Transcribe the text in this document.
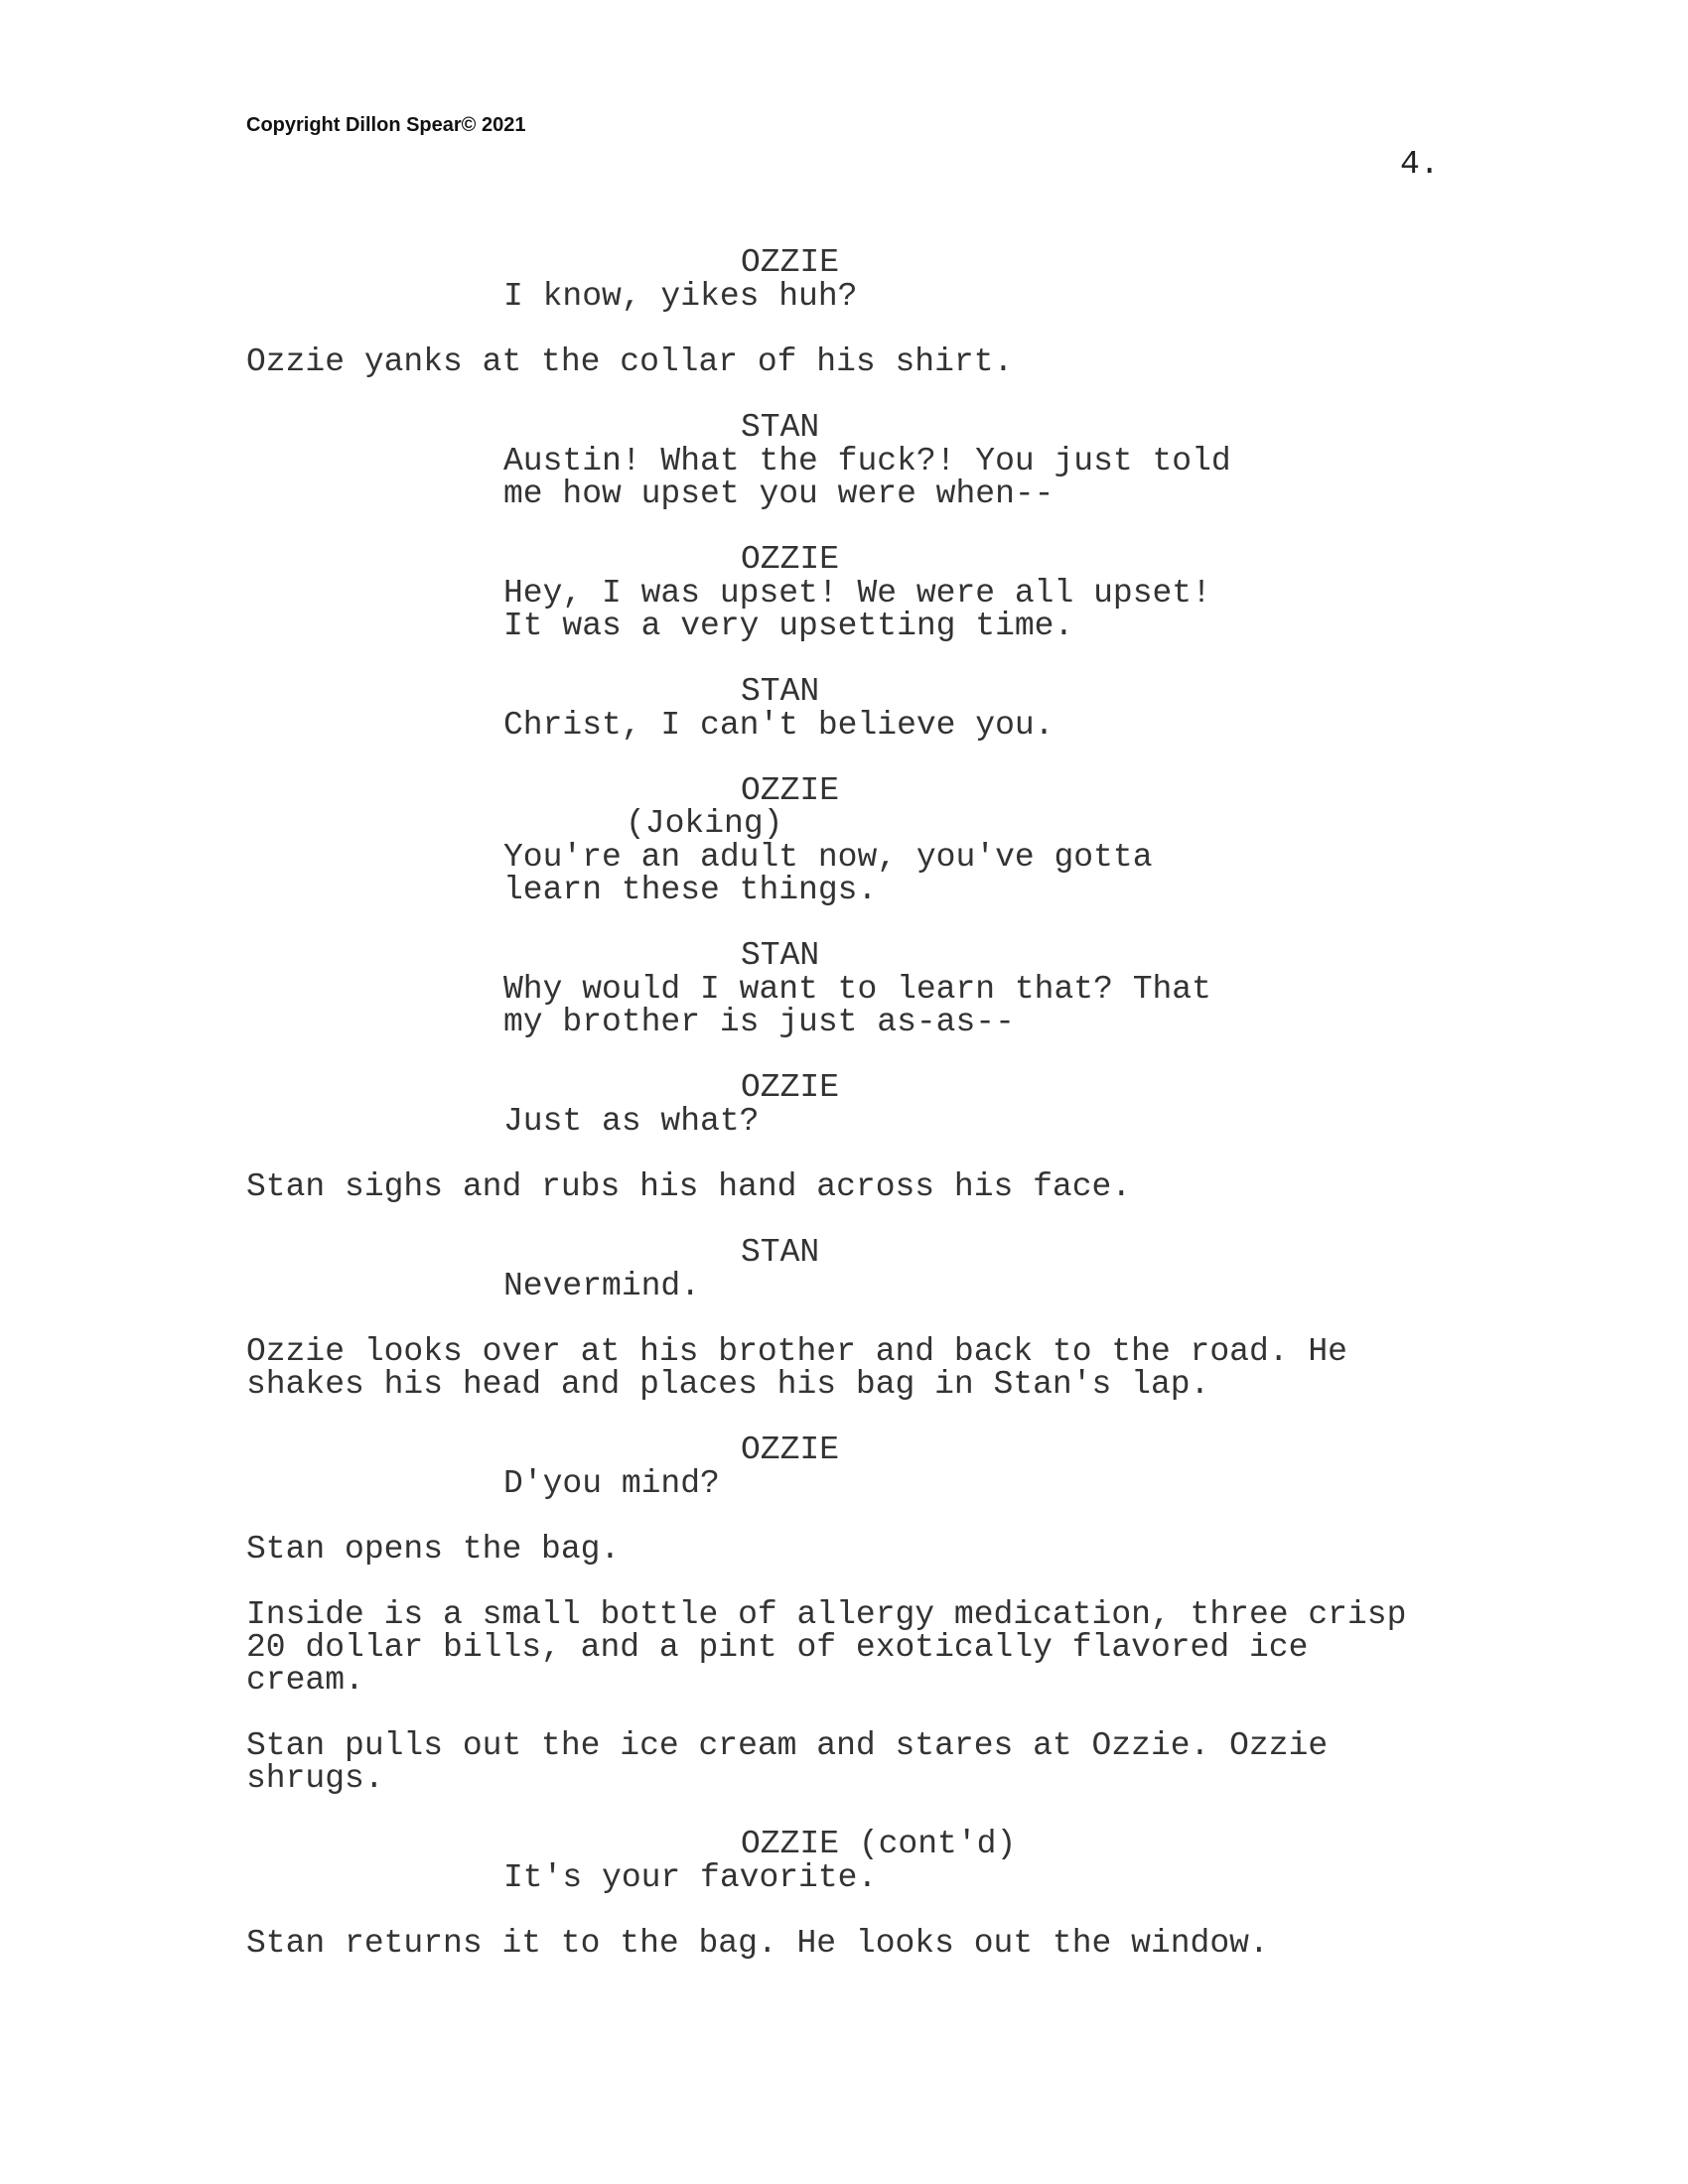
Copyright Dillon Spear© 2021
4.
OZZIE
I know, yikes huh?
Ozzie yanks at the collar of his shirt.
STAN
Austin! What the fuck?! You just told
me how upset you were when--
OZZIE
Hey, I was upset! We were all upset!
It was a very upsetting time.
STAN
Christ, I can't believe you.
OZZIE
(Joking)
You're an adult now, you've gotta
learn these things.
STAN
Why would I want to learn that? That
my brother is just as-as--
OZZIE
Just as what?
Stan sighs and rubs his hand across his face.
STAN
Nevermind.
Ozzie looks over at his brother and back to the road. He
shakes his head and places his bag in Stan's lap.
OZZIE
D'you mind?
Stan opens the bag.
Inside is a small bottle of allergy medication, three crisp
20 dollar bills, and a pint of exotically flavored ice
cream.
Stan pulls out the ice cream and stares at Ozzie. Ozzie
shrugs.
OZZIE (cont'd)
It's your favorite.
Stan returns it to the bag. He looks out the window.
